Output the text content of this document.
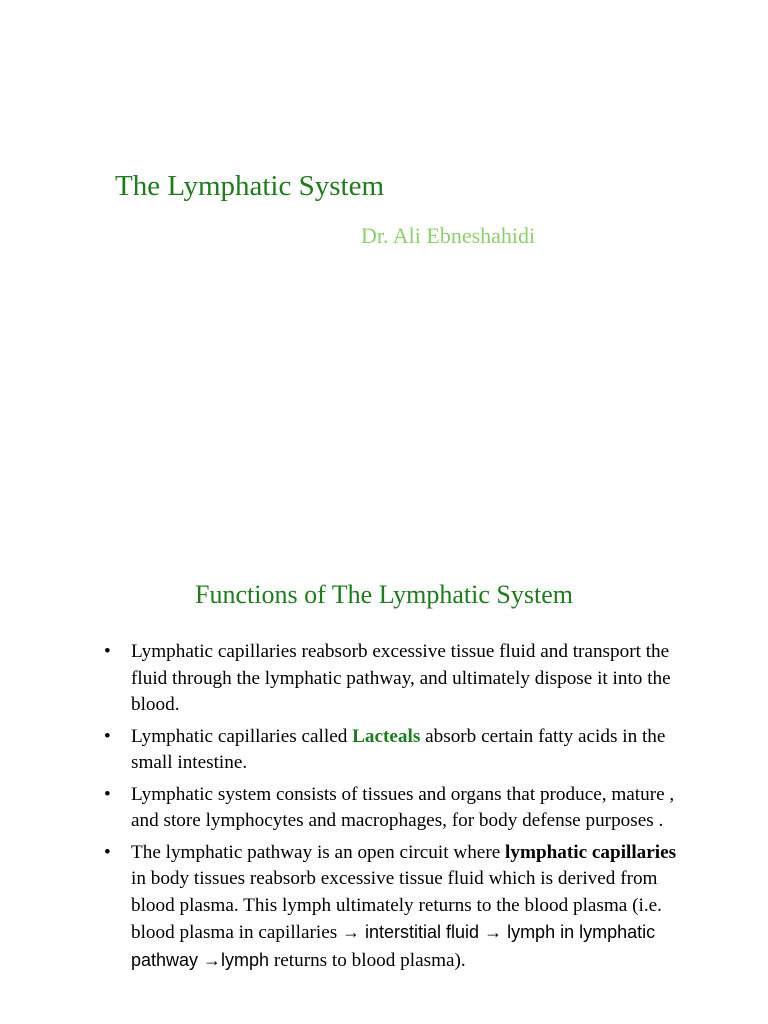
The Lymphatic System
Dr. Ali Ebneshahidi
Functions of The Lymphatic System
• Lymphatic capillaries reabsorb excessive tissue fluid and transport the fluid through the lymphatic pathway, and ultimately dispose it into the blood.
• Lymphatic capillaries called Lacteals absorb certain fatty acids in the small intestine.
• Lymphatic system consists of tissues and organs that produce, mature , and store lymphocytes and macrophages, for body defense purposes .
• The lymphatic pathway is an open circuit where lymphatic capillaries in body tissues reabsorb excessive tissue fluid which is derived from blood plasma. This lymph ultimately returns to the blood plasma (i.e. blood plasma in capillaries → interstitial fluid → lymph in lymphatic pathway →lymph returns to blood plasma).
